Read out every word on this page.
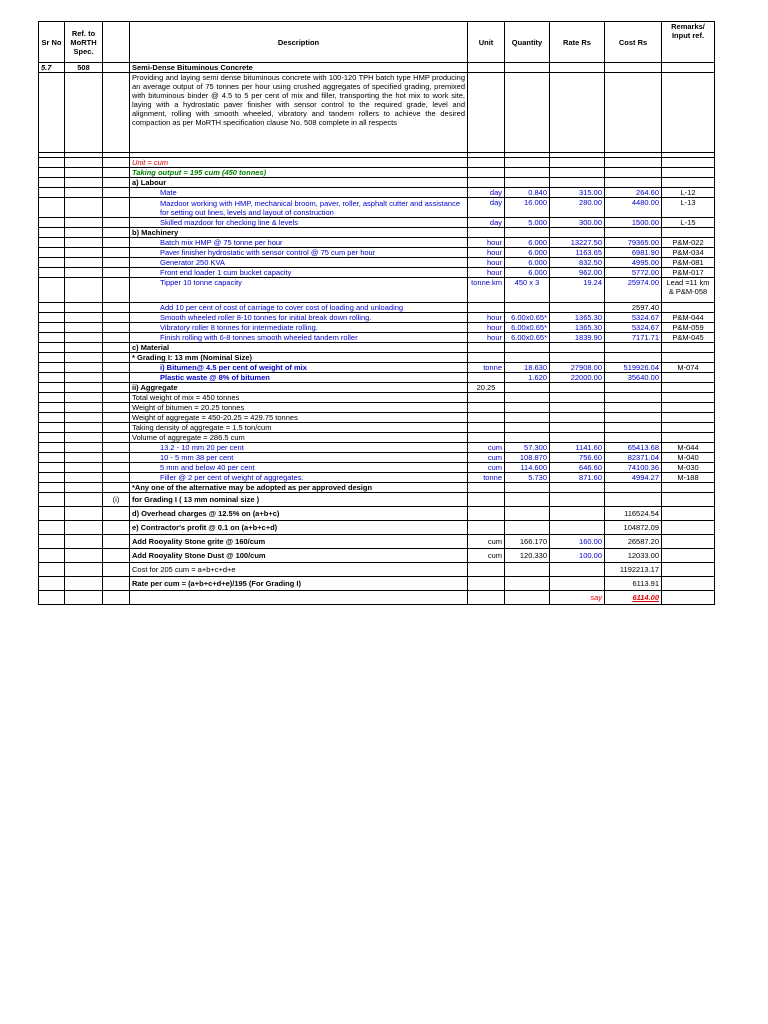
Sr No	Ref. to MoRTH Spec.		Description	Unit	Quantity	Rate Rs	Cost Rs	Remarks/ Input ref.
5.7	508		Semi-Dense Bituminous Concrete					
			Providing and laying semi dense bituminous concrete with 100-120 TPH batch type HMP producing an average output of 75 tonnes per hour using crushed aggregates of specified grading, premixed with bituminous binder @ 4.5 to 5 per cent of mix and filler, transporting the hot mix to work site, laying with a hydrostatic paver finisher with sensor control to the required grade, level and alignment, rolling with smooth wheeled, vibratory and tandem rollers to achieve the desired compaction as per MoRTH specification clause No. 508 complete in all respects					

			Unit = cum					
			Taking output = 195 cum (450 tonnes)					
			a) Labour					
			Mate	day	0.840	315.00	264.60	L-12
			Mazdoor working with HMP, mechanical broom, paver, roller, asphalt cutter and assistance for setting out lines, levels and layout of construction	day	16.000	280.00	4480.00	L-13
			Skilled mazdoor for checking line & levels	day	5.000	300.00	1500.00	L-15
			b) Machinery					
			Batch mix HMP @ 75 tonne per hour	hour	6.000	13227.50	79365.00	P&M-022
			Paver finisher hydrostatic with sensor control @ 75 cum per hour	hour	6.000	1163.65	6981.90	P&M-034
			Generator 250 KVA	hour	6.000	832.50	4995.00	P&M-081
			Front end loader 1 cum bucket capacity	hour	6.000	962.00	5772.00	P&M-017
			Tipper 10 tonne capacity	tonne.km	450 x 3	19.24	25974.00	Lead =11 km & P&M-058
			Add 10 per cent of cost of carriage to cover cost of loading and unloading				2597.40	
			Smooth wheeled roller 8-10 tonnes for initial break down rolling.	hour	6.00x0.65*	1365.30	5324.67	P&M-044
			Vibratory roller 8 tonnes for intermediate rolling.	hour	6.00x0.65*	1365.30	5324.67	P&M-059
			Finish rolling with 6-8 tonnes smooth wheeled tandem roller	hour	6.00x0.65*	1839.90	7171.71	P&M-045
			c) Material					
			* Grading I: 13 mm (Nominal Size)					
			i) Bitumen@ 4.5 per cent of weight of mix	tonne	18.630	27908.00	519926.04	M-074
			Plastic waste @ 8% of bitumen		1.620	22000.00	35640.00	
			ii) Aggregate	20.25				
			Total weight of mix = 450 tonnes					
			Weight of bitumen = 20.25 tonnes					
			Weight of aggregate = 450-20.25 = 429.75 tonnes					
			Taking density of aggregate = 1.5 ton/cum					
			Volume of aggregate = 286.5 cum					
			13.2 - 10 mm 20 per cent	cum	57.300	1141.60	65413.68	M-044
			10 - 5 mm 38 per cent	cum	108.870	756.60	82371.04	M-040
			5 mm and below 40 per cent	cum	114.600	646.60	74100.36	M-030
			Filler @ 2 per cent of weight of aggregates.	tonne	5.730	871.60	4994.27	M-188
			*Any one of the alternative may be adopted as per approved design					
		(i)	for Grading I ( 13 mm nominal size )					
			d) Overhead charges @ 12.5% on (a+b+c)				116524.54	
			e) Contractor's profit @ 0.1 on (a+b+c+d)				104872.09	
			Add Rooyality Stone grite @ 160/cum	cum	166.170	160.00	26587.20	
			Add Rooyality Stone Dust @ 100/cum	cum	120.330	100.00	12033.00	
			Cost for 205 cum = a+b+c+d+e				1192213.17	
			Rate per cum = (a+b+c+d+e)/195 (For Grading I)				6113.91	
						say	6114.00	
